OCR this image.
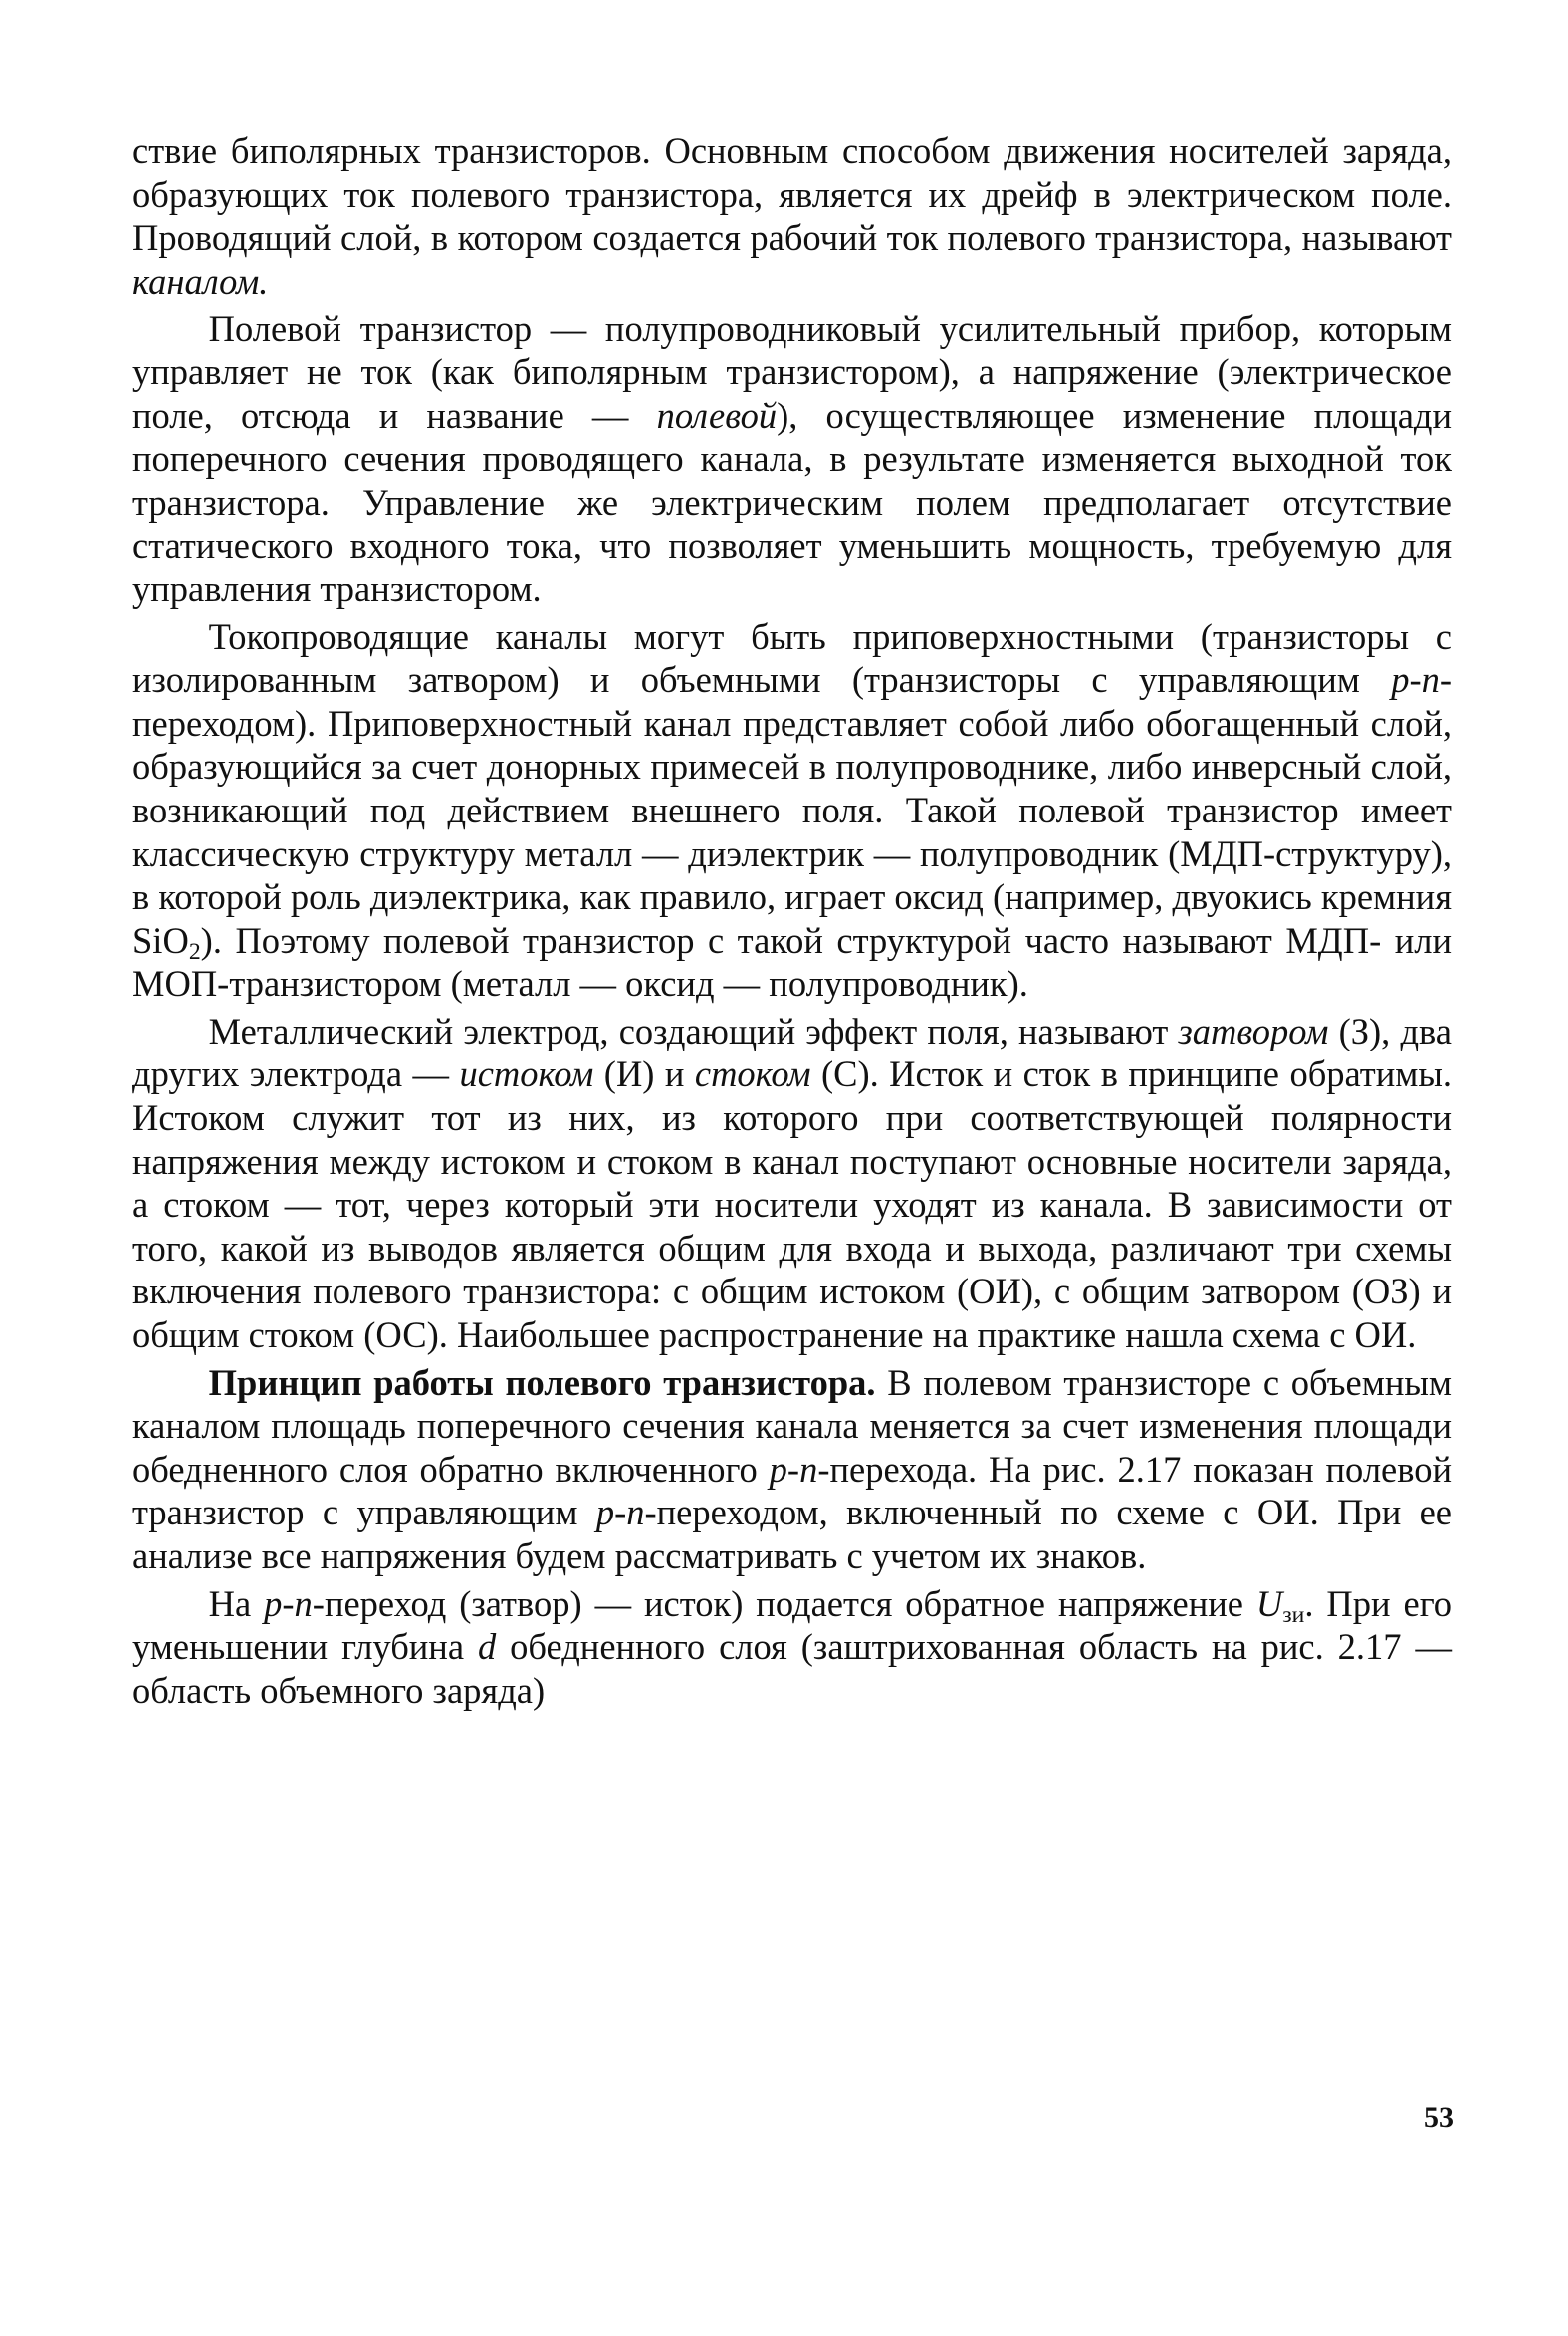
ствие биполярных транзисторов. Основным способом движения носителей заряда, образующих ток полевого транзистора, является их дрейф в электрическом поле. Проводящий слой, в котором создается рабочий ток полевого транзистора, называют каналом.

Полевой транзистор — полупроводниковый усилительный прибор, которым управляет не ток (как биполярным транзистором), а напряжение (электрическое поле, отсюда и название — полевой), осуществляющее изменение площади поперечного сечения проводящего канала, в результате изменяется выходной ток транзистора. Управление же электрическим полем предполагает отсутствие статического входного тока, что позволяет уменьшить мощность, требуемую для управления транзистором.

Токопроводящие каналы могут быть приповерхностными (транзисторы с изолированным затвором) и объемными (транзисторы с управляющим p-n-переходом). Приповерхностный канал представляет собой либо обогащенный слой, образующийся за счет донорных примесей в полупроводнике, либо инверсный слой, возникающий под действием внешнего поля. Такой полевой транзистор имеет классическую структуру металл — диэлектрик — полупроводник (МДП-структуру), в которой роль диэлектрика, как правило, играет оксид (например, двуокись кремния SiO$_2$). Поэтому полевой транзистор с такой структурой часто называют МДП- или МОП-транзистором (металл — оксид — полупроводник).

Металлический электрод, создающий эффект поля, называют затвором (З), два других электрода — истоком (И) и стоком (С). Исток и сток в принципе обратимы. Истоком служит тот из них, из которого при соответствующей полярности напряжения между истоком и стоком в канал поступают основные носители заряда, а стоком — тот, через который эти носители уходят из канала. В зависимости от того, какой из выводов является общим для входа и выхода, различают три схемы включения полевого транзистора: с общим истоком (ОИ), с общим затвором (ОЗ) и общим стоком (ОС). Наибольшее распространение на практике нашла схема с ОИ.

Принцип работы полевого транзистора. В полевом транзисторе с объемным каналом площадь поперечного сечения канала меняется за счет изменения площади обедненного слоя обратно включенного p-n-перехода. На рис. 2.17 показан полевой транзистор с управляющим p-n-переходом, включенный по схеме с ОИ. При ее анализе все напряжения будем рассматривать с учетом их знаков.

На p-n-переход (затвор) — исток) подается обратное напряжение $U_{зи}$. При его уменьшении глубина d обедненного слоя (заштрихованная область на рис. 2.17 — область объемного заряда)

53
